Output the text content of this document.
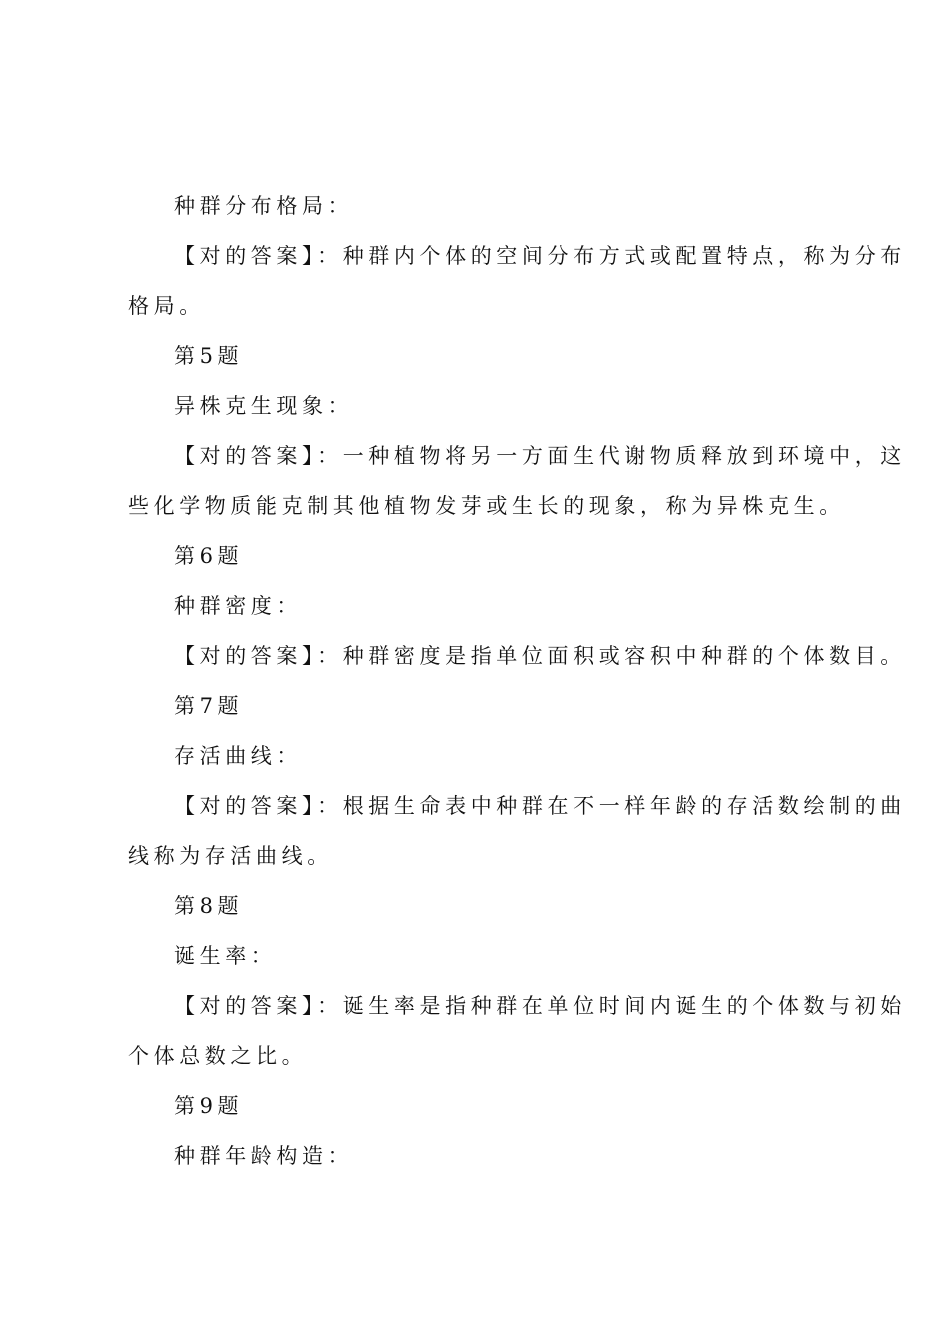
种群分布格局：
【对的答案】：种群内个体的空间分布方式或配置特点，称为分布
格局。
第5题
异株克生现象：
【对的答案】：一种植物将另一方面生代谢物质释放到环境中，这
些化学物质能克制其他植物发芽或生长的现象，称为异株克生。
第6题
种群密度：
【对的答案】：种群密度是指单位面积或容积中种群的个体数目。
第7题
存活曲线：
【对的答案】：根据生命表中种群在不一样年龄的存活数绘制的曲
线称为存活曲线。
第8题
诞生率：
【对的答案】：诞生率是指种群在单位时间内诞生的个体数与初始
个体总数之比。
第9题
种群年龄构造：
